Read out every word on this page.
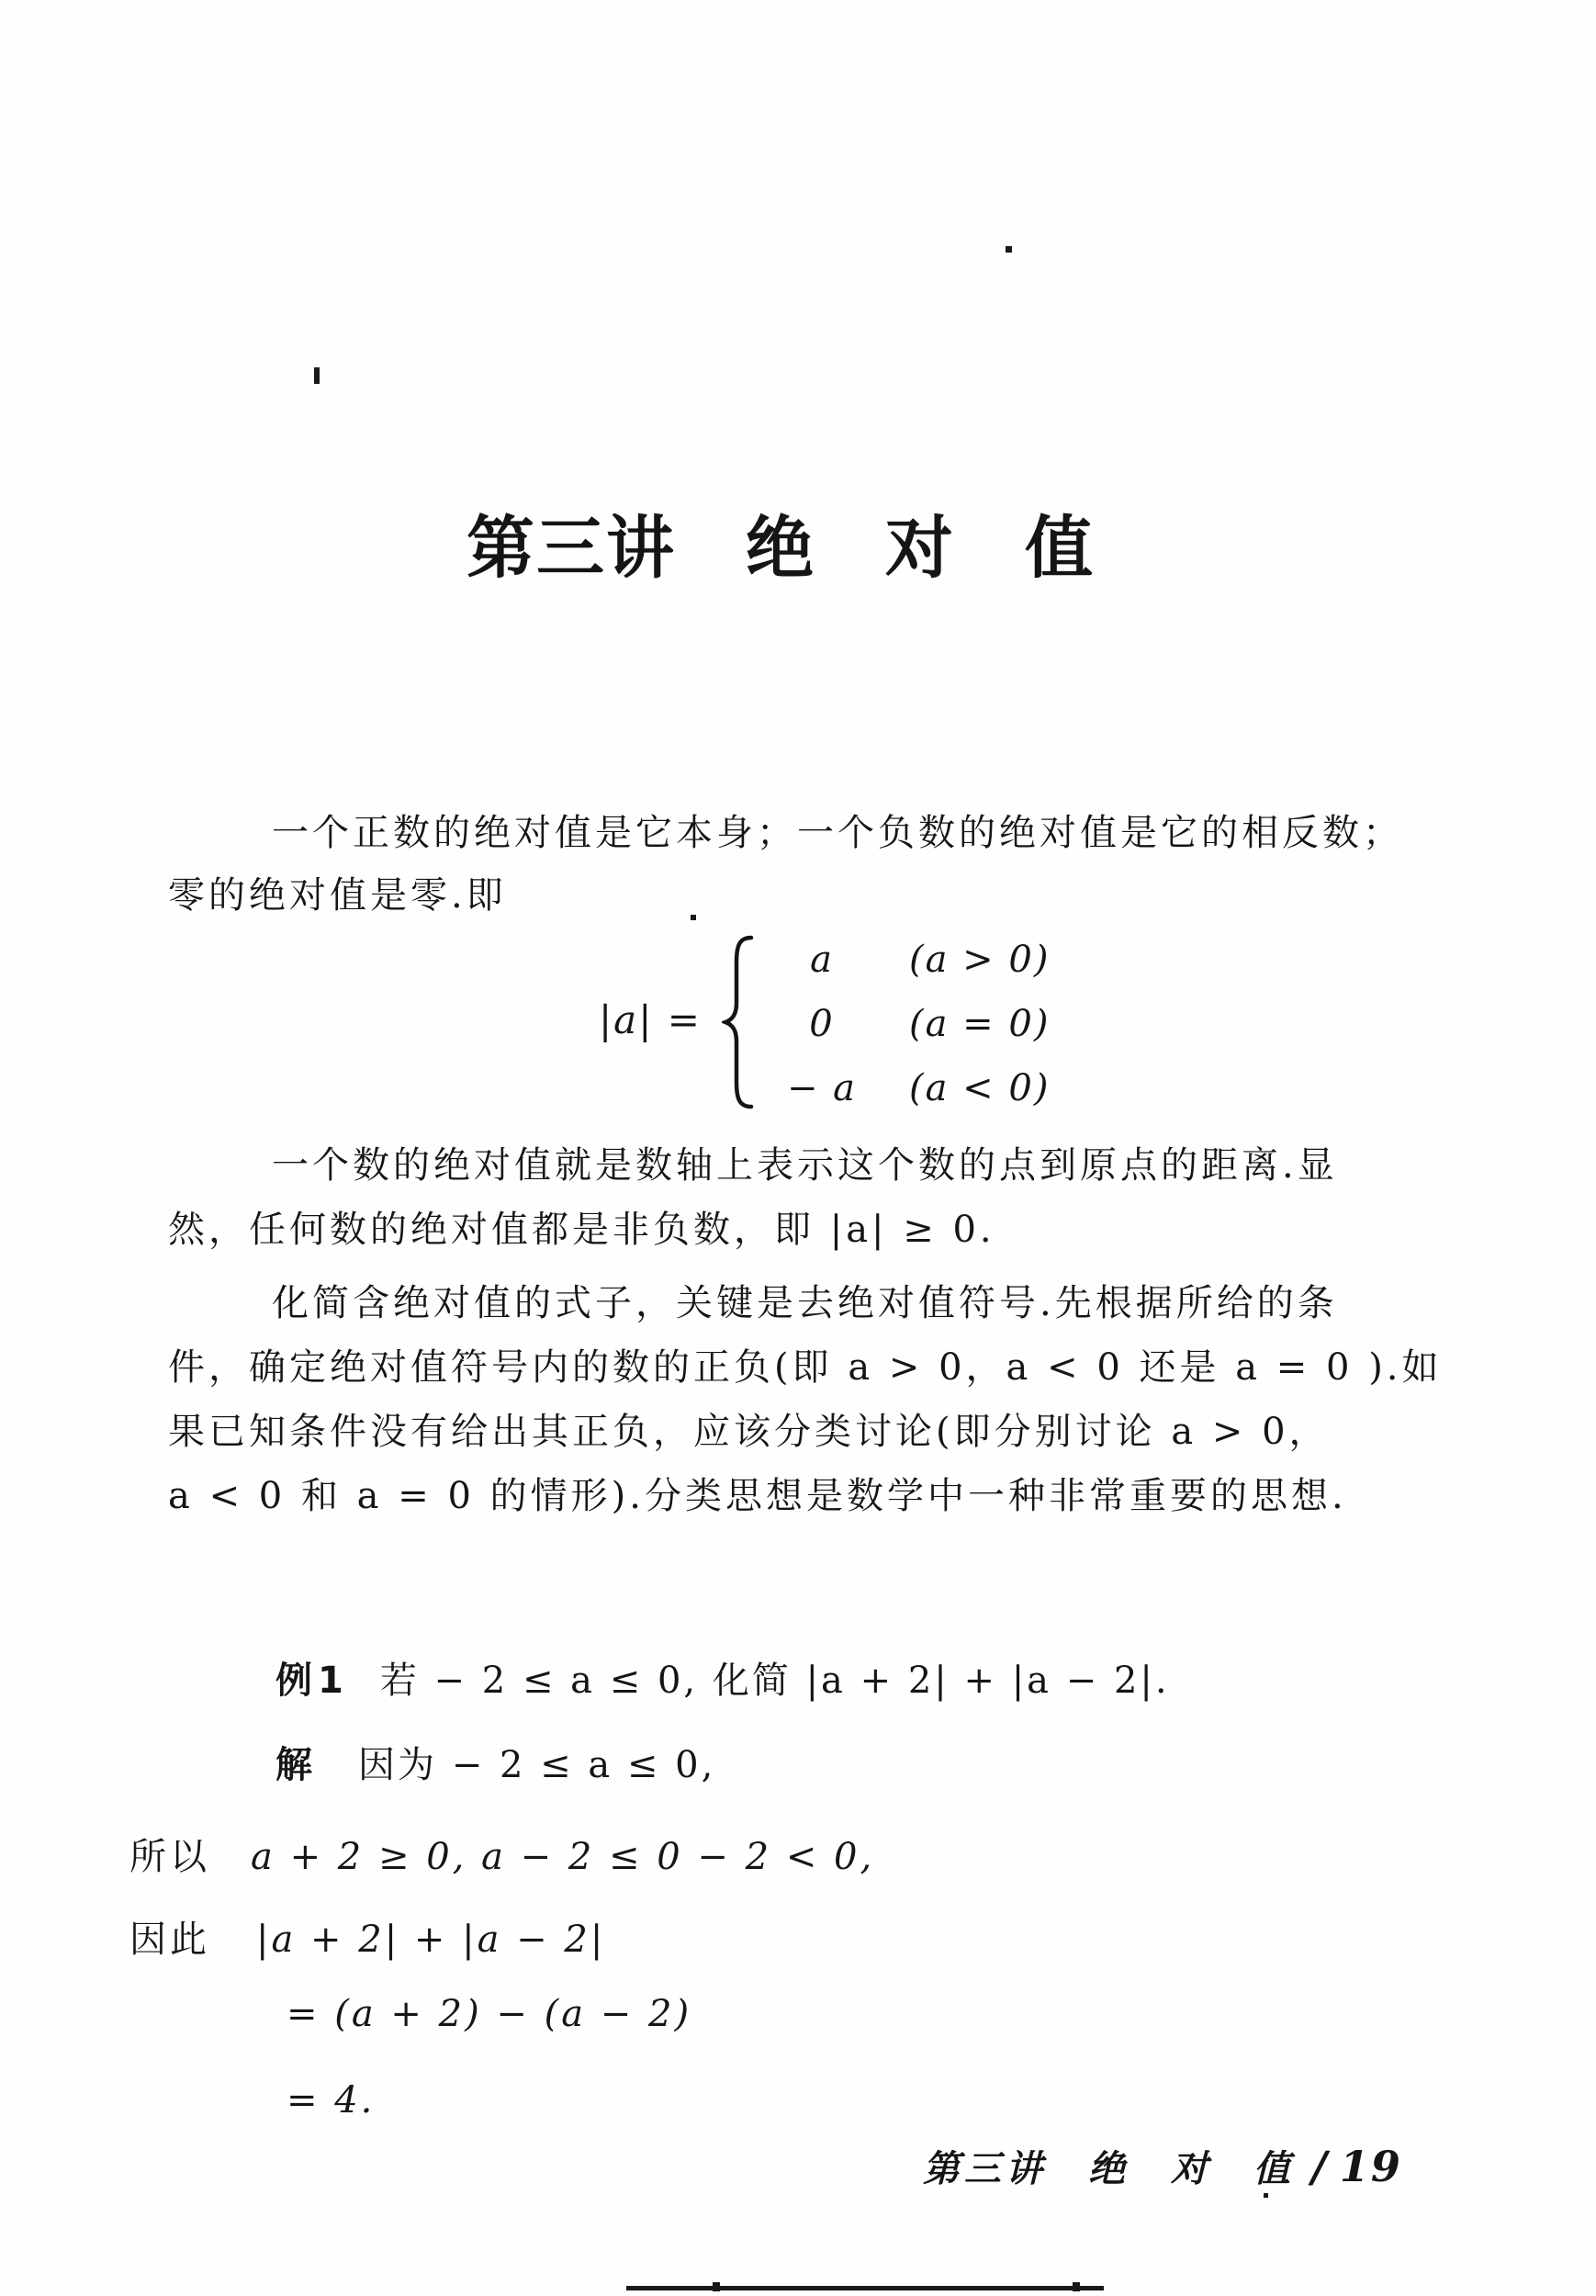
第三讲　绝　对　值
一个正数的绝对值是它本身；一个负数的绝对值是它的相反数；
零的绝对值是零.即
|a| =
a	(a > 0)
0	(a = 0)
− a	(a < 0)
一个数的绝对值就是数轴上表示这个数的点到原点的距离.显
然，任何数的绝对值都是非负数，即 |a| ≥ 0.
化简含绝对值的式子，关键是去绝对值符号.先根据所给的条
件，确定绝对值符号内的数的正负(即 a > 0，a < 0 还是 a = 0 ).如
果已知条件没有给出其正负，应该分类讨论(即分别讨论 a > 0，
a < 0 和 a = 0 的情形).分类思想是数学中一种非常重要的思想.
例1 若 − 2 ≤ a ≤ 0, 化简 |a + 2| + |a − 2|.
解 因为 − 2 ≤ a ≤ 0,
所以 a + 2 ≥ 0, a − 2 ≤ 0 − 2 < 0,
因此 |a + 2| + |a − 2|
= (a + 2) − (a − 2)
= 4.
第三讲　绝　对　值 / 19
